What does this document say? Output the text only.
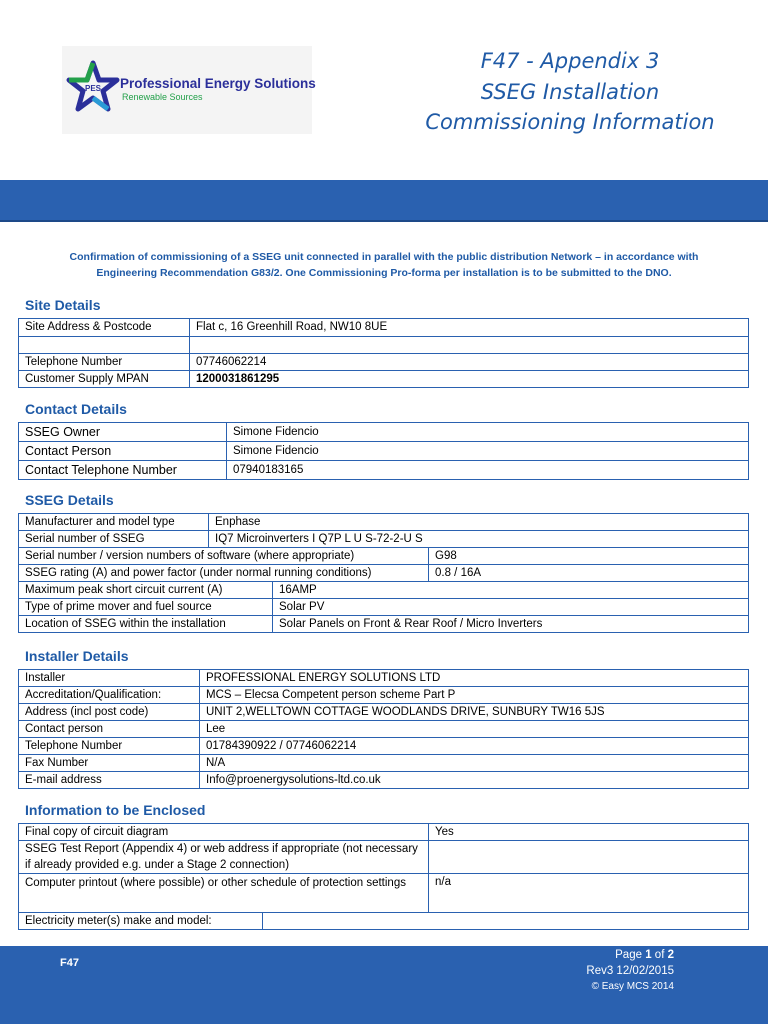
PES Professional Energy Solutions
Renewable Sources
F47 - Appendix 3
SSEG Installation
Commissioning Information
Confirmation of commissioning of a SSEG unit connected in parallel with the public distribution Network – in accordance with
Engineering Recommendation G83/2. One Commissioning Pro-forma per installation is to be submitted to the DNO.
Site Details
Site Address & Postcode	Flat c, 16 Greenhill Road, NW10 8UE

Telephone Number	07746062214
Customer Supply MPAN	1200031861295
Contact Details
SSEG Owner	Simone Fidencio
Contact Person	Simone Fidencio
Contact Telephone Number	07940183165
SSEG Details
Manufacturer and model type	Enphase
Serial number of SSEG	IQ7 Microinverters I Q7P L U S-72-2-U S
Serial number / version numbers of software (where appropriate)	G98
SSEG rating (A) and power factor (under normal running conditions)	0.8 / 16A
Maximum peak short circuit current (A)	16AMP
Type of prime mover and fuel source	Solar PV
Location of SSEG within the installation	Solar Panels on Front & Rear Roof / Micro Inverters
Installer Details
Installer	PROFESSIONAL ENERGY SOLUTIONS LTD
Accreditation/Qualification:	MCS – Elecsa Competent person scheme Part P
Address (incl post code)	UNIT 2,WELLTOWN COTTAGE WOODLANDS DRIVE, SUNBURY TW16 5JS
Contact person	Lee
Telephone Number	01784390922 / 07746062214
Fax Number	N/A
E-mail address	Info@proenergysolutions-ltd.co.uk
Information to be Enclosed
Final copy of circuit diagram	Yes
SSEG Test Report (Appendix 4) or web address if appropriate (not necessary if already provided e.g. under a Stage 2 connection)	
Computer printout (where possible) or other schedule of protection settings	n/a
Electricity meter(s) make and model:	
F47
Page 1 of 2
Rev3 12/02/2015
© Easy MCS 2014
